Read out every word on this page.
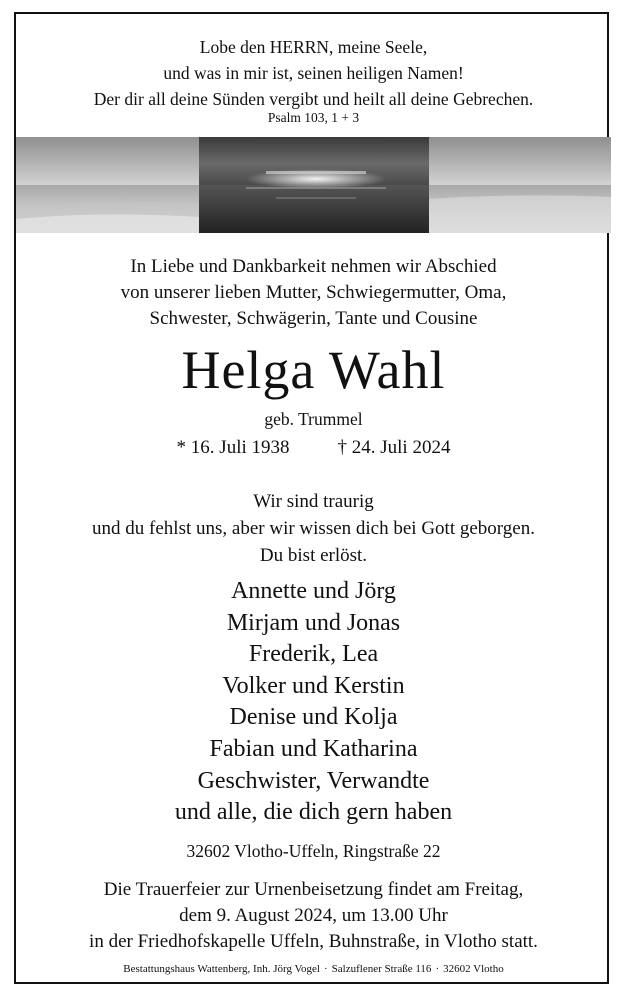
Lobe den HERRN, meine Seele,
und was in mir ist, seinen heiligen Namen!
Der dir all deine Sünden vergibt und heilt all deine Gebrechen.
Psalm 103, 1 + 3
In Liebe und Dankbarkeit nehmen wir Abschied
von unserer lieben Mutter, Schwiegermutter, Oma,
Schwester, Schwägerin, Tante und Cousine
Helga Wahl
geb. Trummel
* 16. Juli 1938	† 24. Juli 2024
Wir sind traurig
und du fehlst uns, aber wir wissen dich bei Gott geborgen.
Du bist erlöst.
Annette und Jörg
Mirjam und Jonas
Frederik, Lea
Volker und Kerstin
Denise und Kolja
Fabian und Katharina
Geschwister, Verwandte
und alle, die dich gern haben
32602 Vlotho-Uffeln, Ringstraße 22
Die Trauerfeier zur Urnenbeisetzung findet am Freitag,
dem 9. August 2024, um 13.00 Uhr
in der Friedhofskapelle Uffeln, Buhnstraße, in Vlotho statt.
Bestattungshaus Wattenberg, Inh. Jörg Vogel · Salzuflener Straße 116 · 32602 Vlotho
